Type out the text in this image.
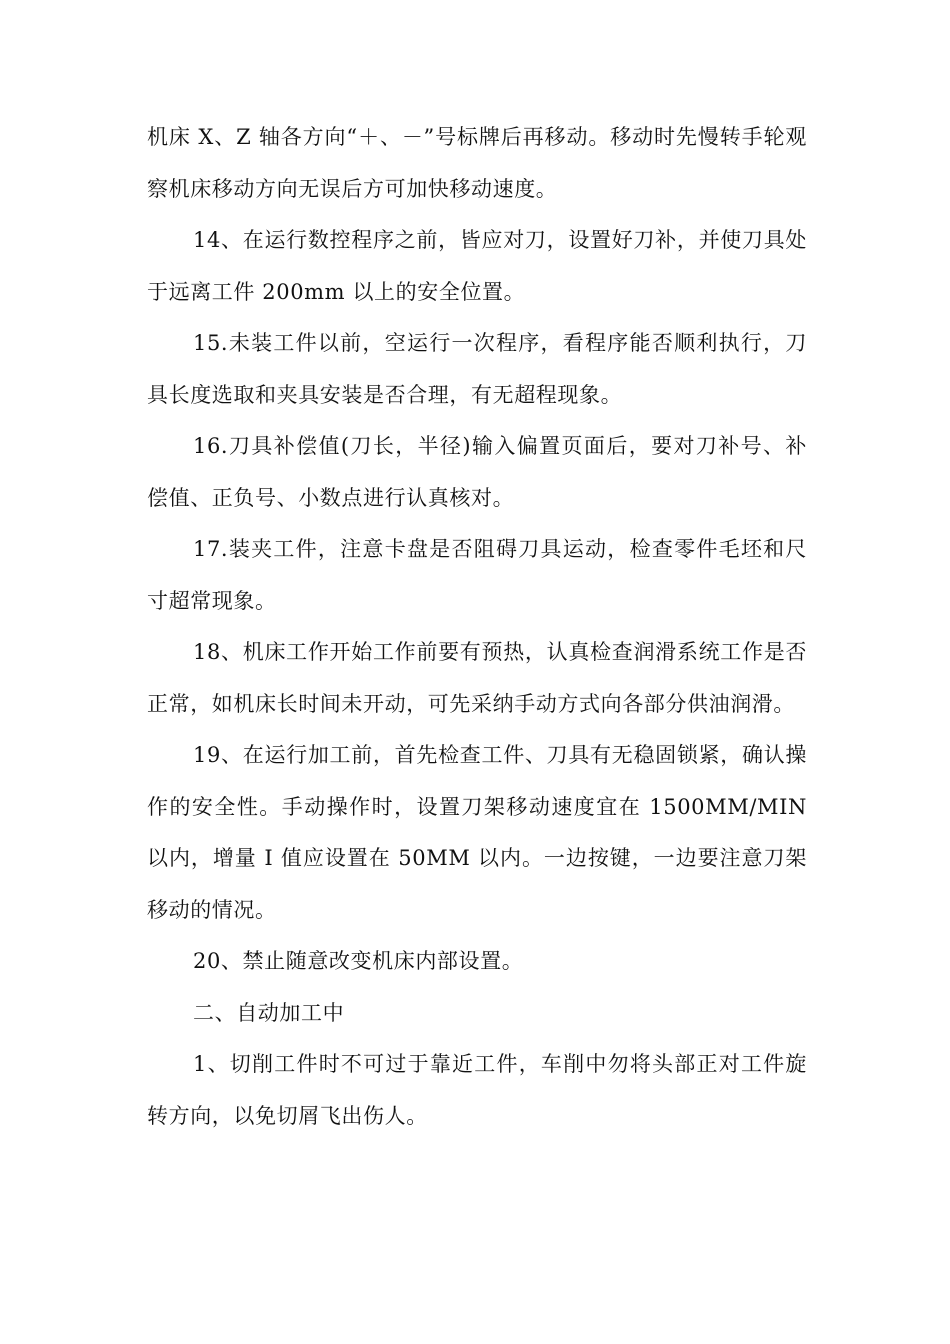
机床 X、Z 轴各方向“＋、－”号标牌后再移动。移动时先慢转手轮观察机床移动方向无误后方可加快移动速度。

14、在运行数控程序之前，皆应对刀，设置好刀补，并使刀具处于远离工件 200mm 以上的安全位置。

15.未装工件以前，空运行一次程序，看程序能否顺利执行，刀具长度选取和夹具安装是否合理，有无超程现象。

16.刀具补偿值(刀长，半径)输入偏置页面后，要对刀补号、补偿值、正负号、小数点进行认真核对。

17.装夹工件，注意卡盘是否阻碍刀具运动，检查零件毛坯和尺寸超常现象。

18、机床工作开始工作前要有预热，认真检查润滑系统工作是否正常，如机床长时间未开动，可先采纳手动方式向各部分供油润滑。

19、在运行加工前，首先检查工件、刀具有无稳固锁紧，确认操作的安全性。手动操作时，设置刀架移动速度宜在 1500MM/MIN 以内，增量 I 值应设置在 50MM 以内。一边按键，一边要注意刀架移动的情况。

20、禁止随意改变机床内部设置。

二、自动加工中

1、切削工件时不可过于靠近工件，车削中勿将头部正对工件旋转方向，以免切屑飞出伤人。
